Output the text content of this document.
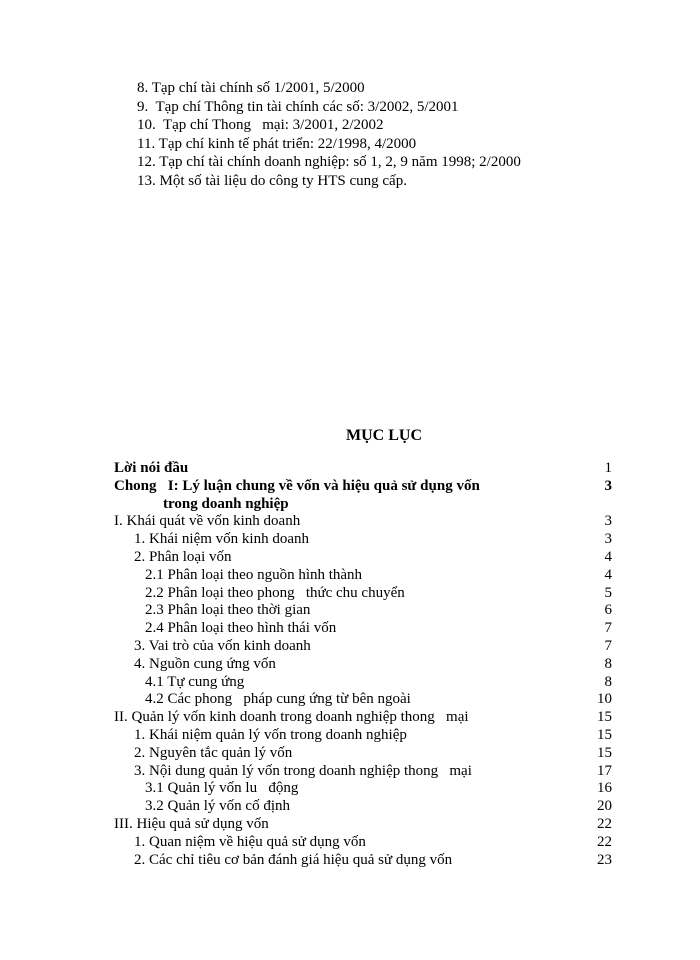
8. Tạp chí tài chính số 1/2001, 5/2000
9.  Tạp chí Thông tin tài chính các số: 3/2002, 5/2001
10.  Tạp chí Thong   mại: 3/2001, 2/2002
11. Tạp chí kinh tế phát triển: 22/1998, 4/2000
12. Tạp chí tài chính doanh nghiệp: số 1, 2, 9 năm 1998; 2/2000
13. Một số tài liệu do công ty HTS cung cấp.
MỤC LỤC
Lời nói đầu	1
Chong   I: Lý luận chung về vốn và hiệu quả sử dụng vốn	3
trong doanh nghiệp
I. Khái quát về vốn kinh doanh	3
1. Khái niệm vốn kinh doanh	3
2. Phân loại vốn	4
2.1 Phân loại theo nguồn hình thành	4
2.2 Phân loại theo phong   thức chu chuyển	5
2.3 Phân loại theo thời gian	6
2.4 Phân loại theo hình thái vốn	7
3. Vai trò của vốn kinh doanh	7
4. Nguồn cung ứng vốn	8
4.1 Tự cung ứng	8
4.2 Các phong   pháp cung ứng từ bên ngoài	10
II. Quản lý vốn kinh doanh trong doanh nghiệp thong   mại	15
1. Khái niệm quản lý vốn trong doanh nghiệp	15
2. Nguyên tắc quản lý vốn	15
3. Nội dung quản lý vốn trong doanh nghiệp thong   mại	17
3.1 Quản lý vốn lu   động	16
3.2 Quản lý vốn cố định	20
III. Hiệu quả sử dụng vốn	22
1. Quan niệm về hiệu quả sử dụng vốn	22
2. Các chỉ tiêu cơ bản đánh giá hiệu quả sử dụng vốn	23
